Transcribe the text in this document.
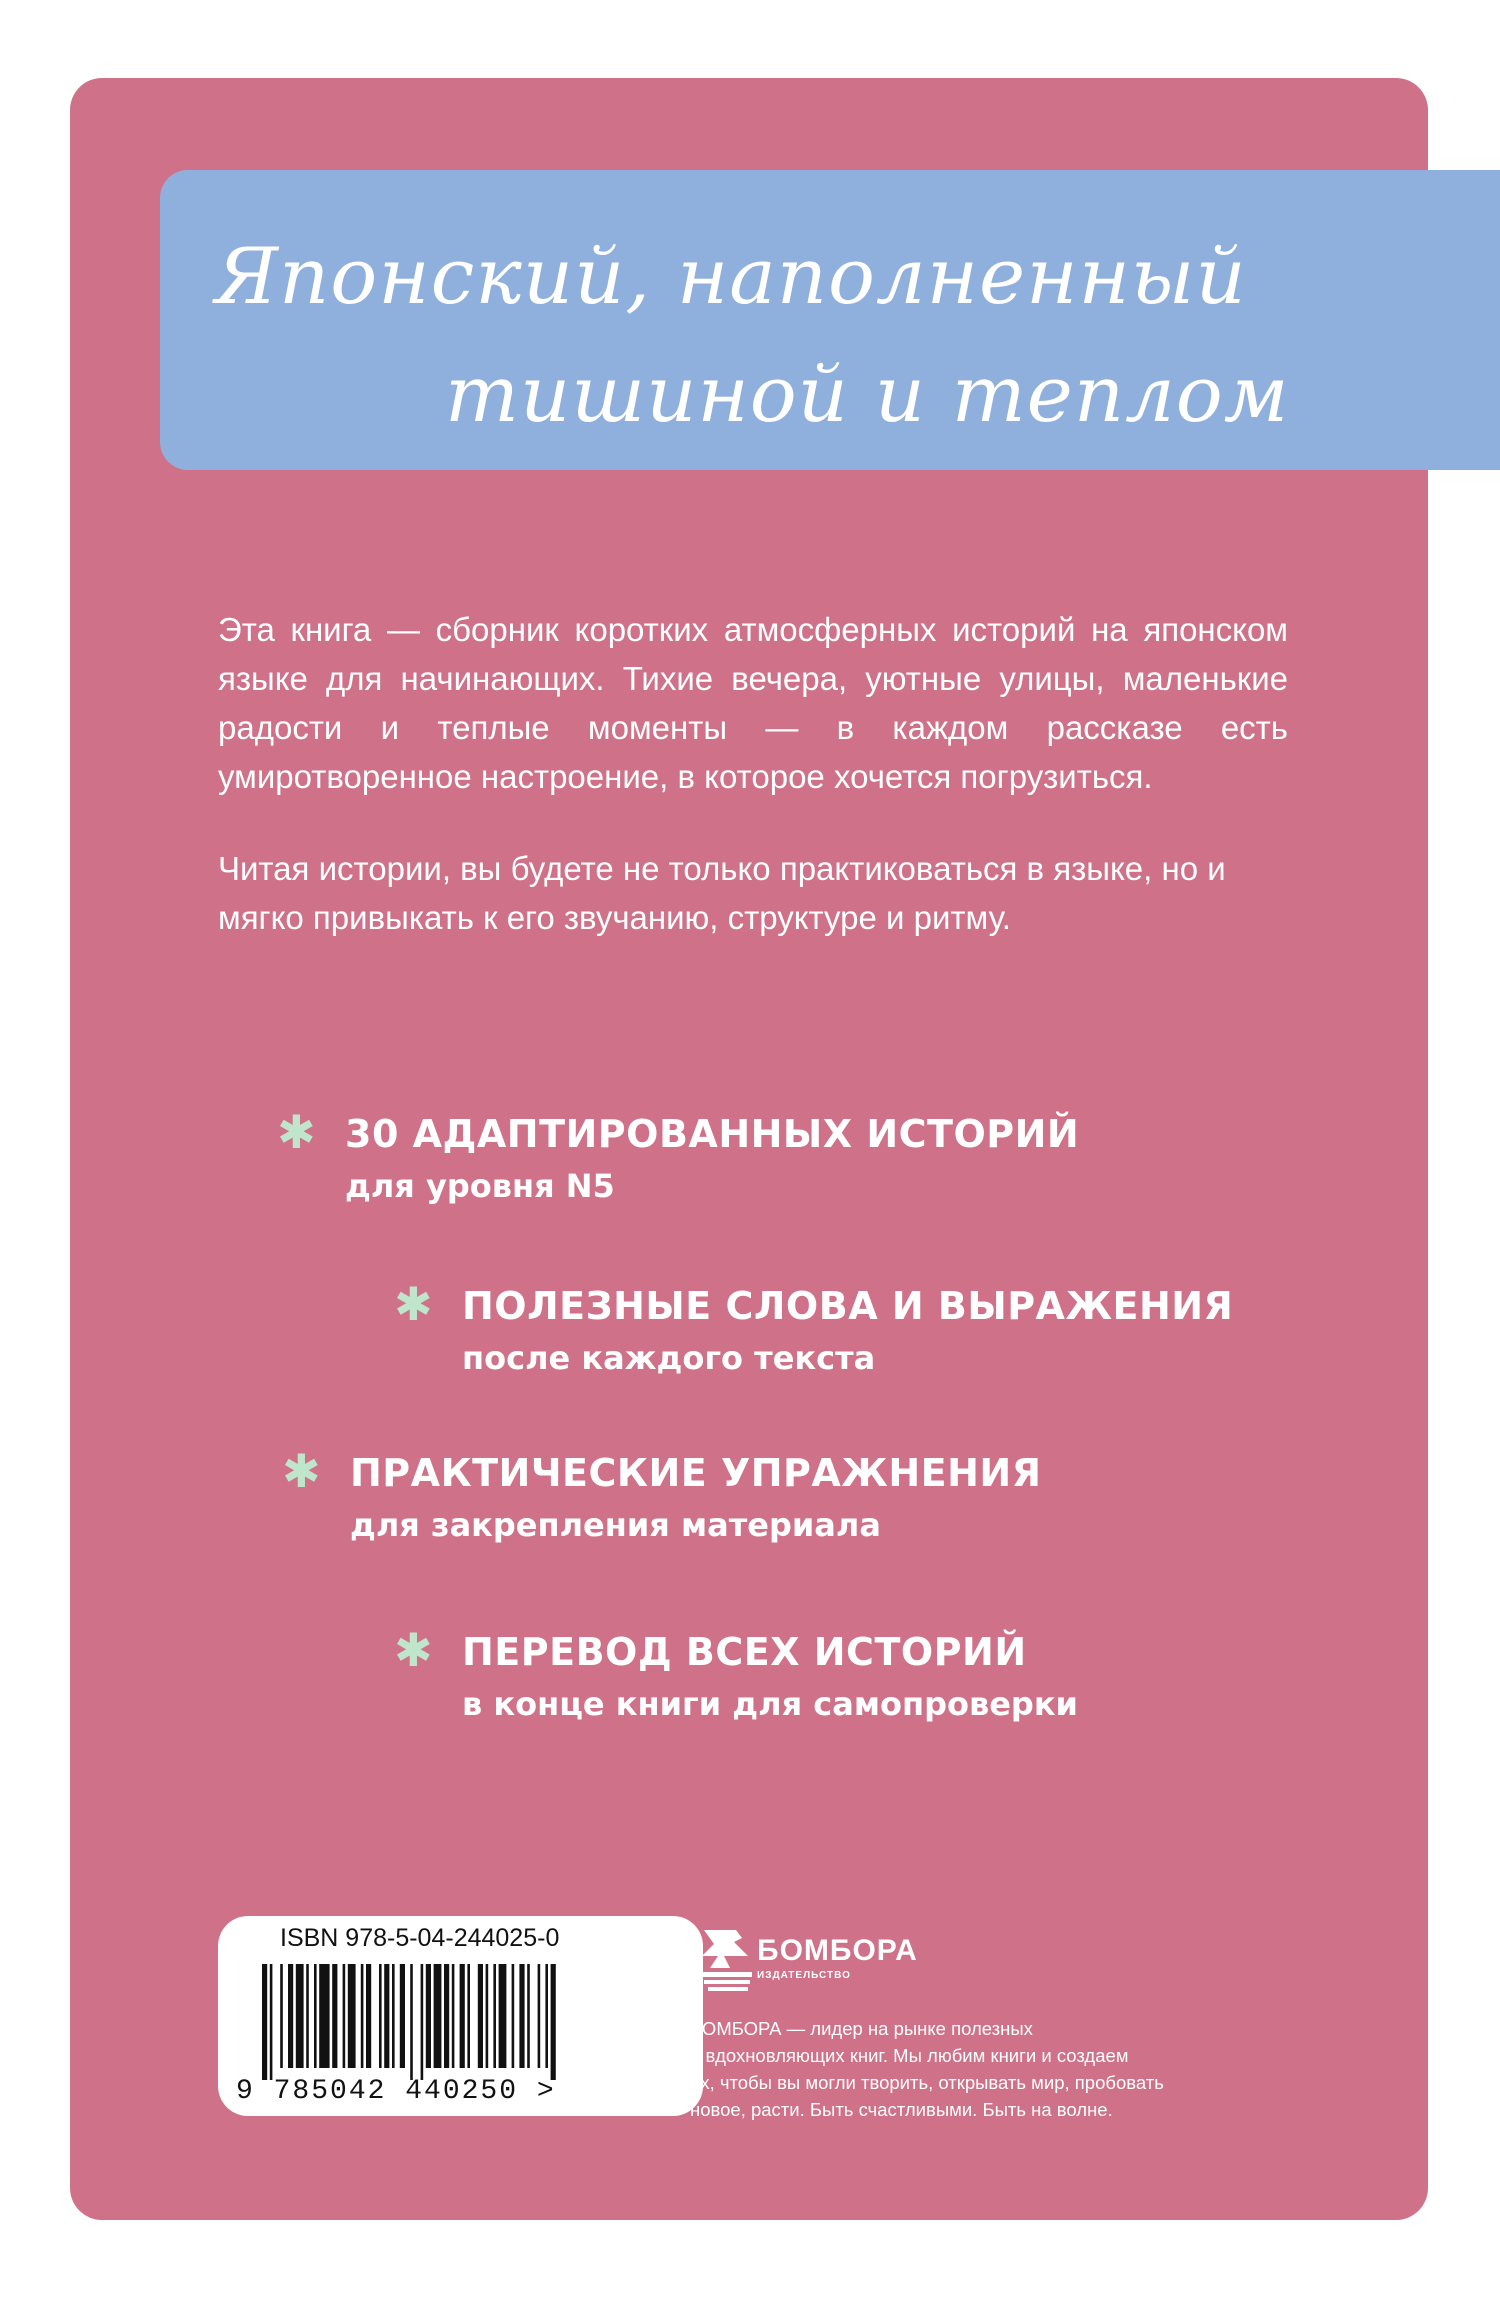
Японский, наполненный
тишиной и теплом

Эта книга — сборник коротких атмосферных историй на японском языке для начинающих. Тихие вечера, уютные улицы, маленькие радости и теплые моменты — в каждом рассказе есть умиротворенное настроение, в которое хочется погрузиться.

Читая истории, вы будете не только практиковаться в языке, но и мягко привыкать к его звучанию, структуре и ритму.

✱ 30 АДАПТИРОВАННЫХ ИСТОРИЙ
для уровня N5
✱ ПОЛЕЗНЫЕ СЛОВА И ВЫРАЖЕНИЯ
после каждого текста
✱ ПРАКТИЧЕСКИЕ УПРАЖНЕНИЯ
для закрепления материала
✱ ПЕРЕВОД ВСЕХ ИСТОРИЙ
в конце книги для самопроверки
ISBN 978-5-04-244025-0
9 785042 440250 >
БОМБОРА
ИЗДАТЕЛЬСТВО
БОМБОРА — лидер на рынке полезных
и вдохновляющих книг. Мы любим книги и создаем
их, чтобы вы могли творить, открывать мир, пробовать
новое, расти. Быть счастливыми. Быть на волне.
